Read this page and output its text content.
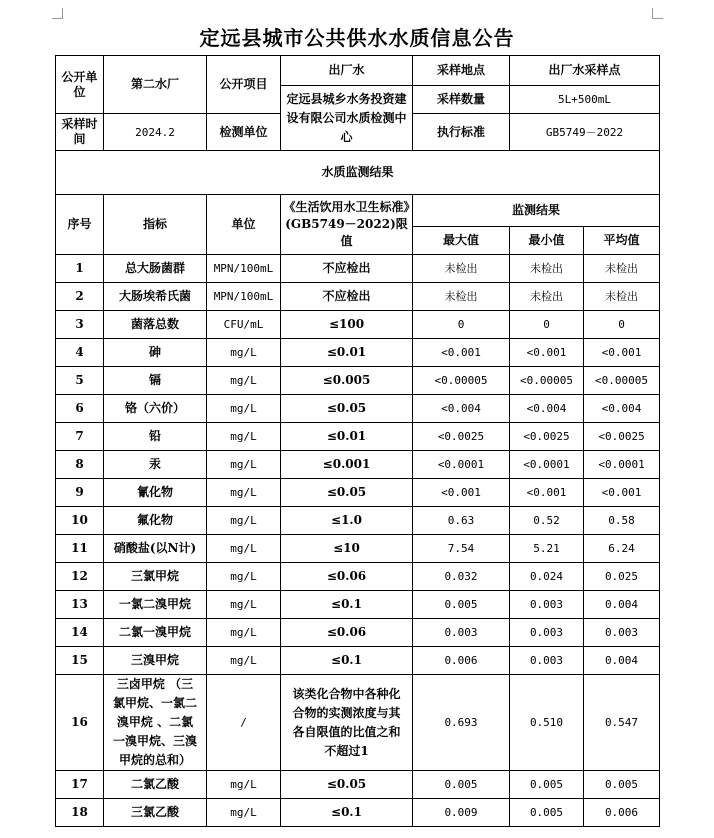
定远县城市公共供水水质信息公告
公开单位	第二水厂	公开项目	出厂水	采样地点	出厂水采样点	
			定远县城乡水务投资建设有限公司水质检测中心	采样数量	5L+500mL	
采样时间	2024.2	检测单位		执行标准	GB5749－2022	

水质监测结果						
序号	指标	单位	《生活饮用水卫生标准》(GB5749－2022)限值	监测结果		
				最大值	最小值	平均值
1	总大肠菌群	MPN/100mL	不应检出	未检出	未检出	未检出
2	大肠埃希氏菌	MPN/100mL	不应检出	未检出	未检出	未检出
3	菌落总数	CFU/mL	≤100	0	0	0
4	砷	mg/L	≤0.01	<0.001	<0.001	<0.001
5	镉	mg/L	≤0.005	<0.00005	<0.00005	<0.00005
6	铬（六价）	mg/L	≤0.05	<0.004	<0.004	<0.004
7	铅	mg/L	≤0.01	<0.0025	<0.0025	<0.0025
8	汞	mg/L	≤0.001	<0.0001	<0.0001	<0.0001
9	氰化物	mg/L	≤0.05	<0.001	<0.001	<0.001
10	氟化物	mg/L	≤1.0	0.63	0.52	0.58
11	硝酸盐(以N计)	mg/L	≤10	7.54	5.21	6.24
12	三氯甲烷	mg/L	≤0.06	0.032	0.024	0.025
13	一氯二溴甲烷	mg/L	≤0.1	0.005	0.003	0.004
14	二氯一溴甲烷	mg/L	≤0.06	0.003	0.003	0.003
15	三溴甲烷	mg/L	≤0.1	0.006	0.003	0.004
16	三卤甲烷 （三氯甲烷、一氯二溴甲烷 、二氯一溴甲烷、三溴甲烷的总和）	/	该类化合物中各种化合物的实测浓度与其各自限值的比值之和不超过1	0.693	0.510	0.547
17	二氯乙酸	mg/L	≤0.05	0.005	0.005	0.005
18	三氯乙酸	mg/L	≤0.1	0.009	0.005	0.006
